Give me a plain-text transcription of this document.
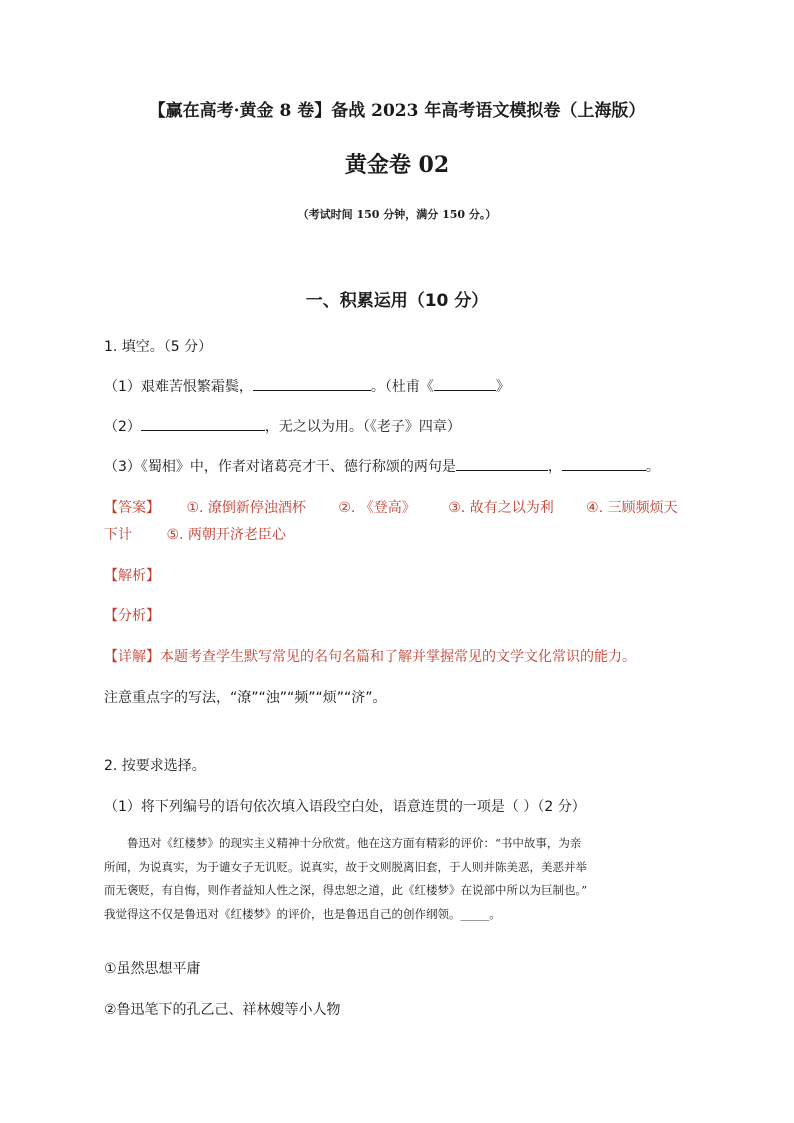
【赢在高考·黄金 8 卷】备战 2023 年高考语文模拟卷（上海版）
黄金卷 02
（考试时间 150 分钟，满分 150 分。）
一、积累运用（10 分）
1. 填空。（5 分）
（1）艰难苦恨繁霜鬓，	。（杜甫《	》
（2）	，无之以为用。（《老子》四章）
（3）《蜀相》中，作者对诸葛亮才干、德行称颂的两句是	，	。
【答案】 ①. 潦倒新停浊酒杯 ②. 《登高》 ③. 故有之以为利 ④. 三顾频烦天
下计 ⑤. 两朝开济老臣心
【解析】
【分析】
【详解】本题考查学生默写常见的名句名篇和了解并掌握常见的文学文化常识的能力。
注意重点字的写法，“潦”“浊”“频”“烦”“济”。
2. 按要求选择。
（1）将下列编号的语句依次填入语段空白处，语意连贯的一项是（ ）（2 分）

鲁迅对《红楼梦》的现实主义精神十分欣赏。他在这方面有精彩的评价：“书中故事，为亲

所闻，为说真实，为于谴女子无讥贬。说真实，故于文则脱离旧套，于人则并陈美恶，美恶并举

而无褒贬，有自悔，则作者益知人性之深，得忠恕之道，此《红楼梦》在说部中所以为巨制也。”

我觉得这不仅是鲁迅对《红楼梦》的评价，也是鲁迅自己的创作纲领。_____。

①虽然思想平庸
②鲁迅笔下的孔乙己、祥林嫂等小人物
